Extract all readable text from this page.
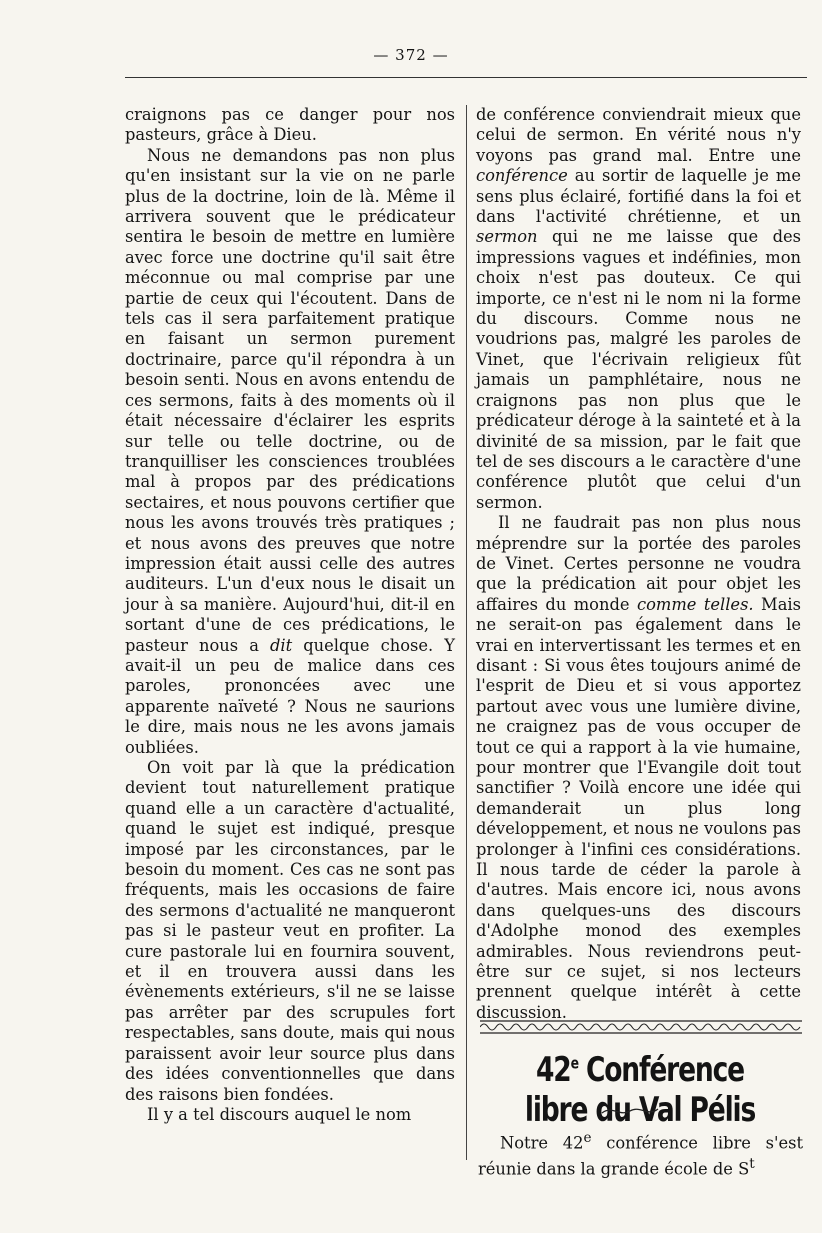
— 372 —

craignons pas ce danger pour nos pasteurs, grâce à Dieu.

Nous ne demandons pas non plus qu'en insistant sur la vie on ne parle plus de la doctrine, loin de là. Même il arrivera souvent que le prédicateur sentira le besoin de mettre en lumière avec force une doctrine qu'il sait être méconnue ou mal comprise par une partie de ceux qui l'écoutent. Dans de tels cas il sera parfaitement pratique en faisant un sermon purement doctrinaire, parce qu'il répondra à un besoin senti. Nous en avons entendu de ces sermons, faits à des moments où il était nécessaire d'éclairer les esprits sur telle ou telle doctrine, ou de tranquilliser les consciences troublées mal à propos par des prédications sectaires, et nous pouvons certifier que nous les avons trouvés très pratiques ; et nous avons des preuves que notre impression était aussi celle des autres auditeurs. L'un d'eux nous le disait un jour à sa manière. Aujourd'hui, dit-il en sortant d'une de ces prédications, le pasteur nous a dit quelque chose. Y avait-il un peu de malice dans ces paroles, prononcées avec une apparente naïveté ? Nous ne saurions le dire, mais nous ne les avons jamais oubliées.

On voit par là que la prédication devient tout naturellement pratique quand elle a un caractère d'actualité, quand le sujet est indiqué, presque imposé par les circonstances, par le besoin du moment. Ces cas ne sont pas fréquents, mais les occasions de faire des sermons d'actualité ne manqueront pas si le pasteur veut en profiter. La cure pastorale lui en fournira souvent, et il en trouvera aussi dans les évènements extérieurs, s'il ne se laisse pas arrêter par des scrupules fort respectables, sans doute, mais qui nous paraissent avoir leur source plus dans des idées conventionnelles que dans des raisons bien fondées.

Il y a tel discours auquel le nom

de conférence conviendrait mieux que celui de sermon. En vérité nous n'y voyons pas grand mal. Entre une conférence au sortir de laquelle je me sens plus éclairé, fortifié dans la foi et dans l'activité chrétienne, et un sermon qui ne me laisse que des impressions vagues et indéfinies, mon choix n'est pas douteux. Ce qui importe, ce n'est ni le nom ni la forme du discours. Comme nous ne voudrions pas, malgré les paroles de Vinet, que l'écrivain religieux fût jamais un pamphlétaire, nous ne craignons pas non plus que le prédicateur déroge à la sainteté et à la divinité de sa mission, par le fait que tel de ses discours a le caractère d'une conférence plutôt que celui d'un sermon.

Il ne faudrait pas non plus nous méprendre sur la portée des paroles de Vinet. Certes personne ne voudra que la prédication ait pour objet les affaires du monde comme telles. Mais ne serait-on pas également dans le vrai en intervertissant les termes et en disant : Si vous êtes toujours animé de l'esprit de Dieu et si vous apportez partout avec vous une lumière divine, ne craignez pas de vous occuper de tout ce qui a rapport à la vie humaine, pour montrer que l'Evangile doit tout sanctifier ? Voilà encore une idée qui demanderait un plus long développement, et nous ne voulons pas prolonger à l'infini ces considérations. Il nous tarde de céder la parole à d'autres. Mais encore ici, nous avons dans quelques-uns des discours d'Adolphe monod des exemples admirables. Nous reviendrons peut-être sur ce sujet, si nos lecteurs prennent quelque intérêt à cette discussion.

42e Conférence libre du Val Pélis

Notre 42e conférence libre s'est réunie dans la grande école de $S^t$
